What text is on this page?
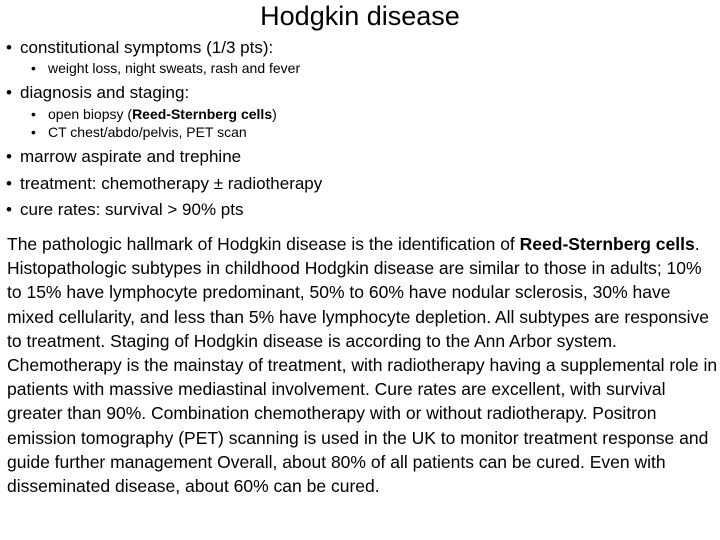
Hodgkin disease
• constitutional symptoms (1/3 pts):
• weight loss, night sweats, rash and fever
• diagnosis and staging:
• open biopsy (Reed-Sternberg cells)
• CT chest/abdo/pelvis, PET scan
• marrow aspirate and trephine
• treatment: chemotherapy ± radiotherapy
• cure rates: survival > 90% pts
The pathologic hallmark of Hodgkin disease is the identification of Reed-Sternberg cells. Histopathologic subtypes in childhood Hodgkin disease are similar to those in adults; 10% to 15% have lymphocyte predominant, 50% to 60% have nodular sclerosis, 30% have mixed cellularity, and less than 5% have lymphocyte depletion. All subtypes are responsive to treatment. Staging of Hodgkin disease is according to the Ann Arbor system. Chemotherapy is the mainstay of treatment, with radiotherapy having a supplemental role in patients with massive mediastinal involvement. Cure rates are excellent, with survival greater than 90%. Combination chemotherapy with or without radiotherapy. Positron emission tomography (PET) scanning is used in the UK to monitor treatment response and guide further management Overall, about 80% of all patients can be cured. Even with disseminated disease, about 60% can be cured.
